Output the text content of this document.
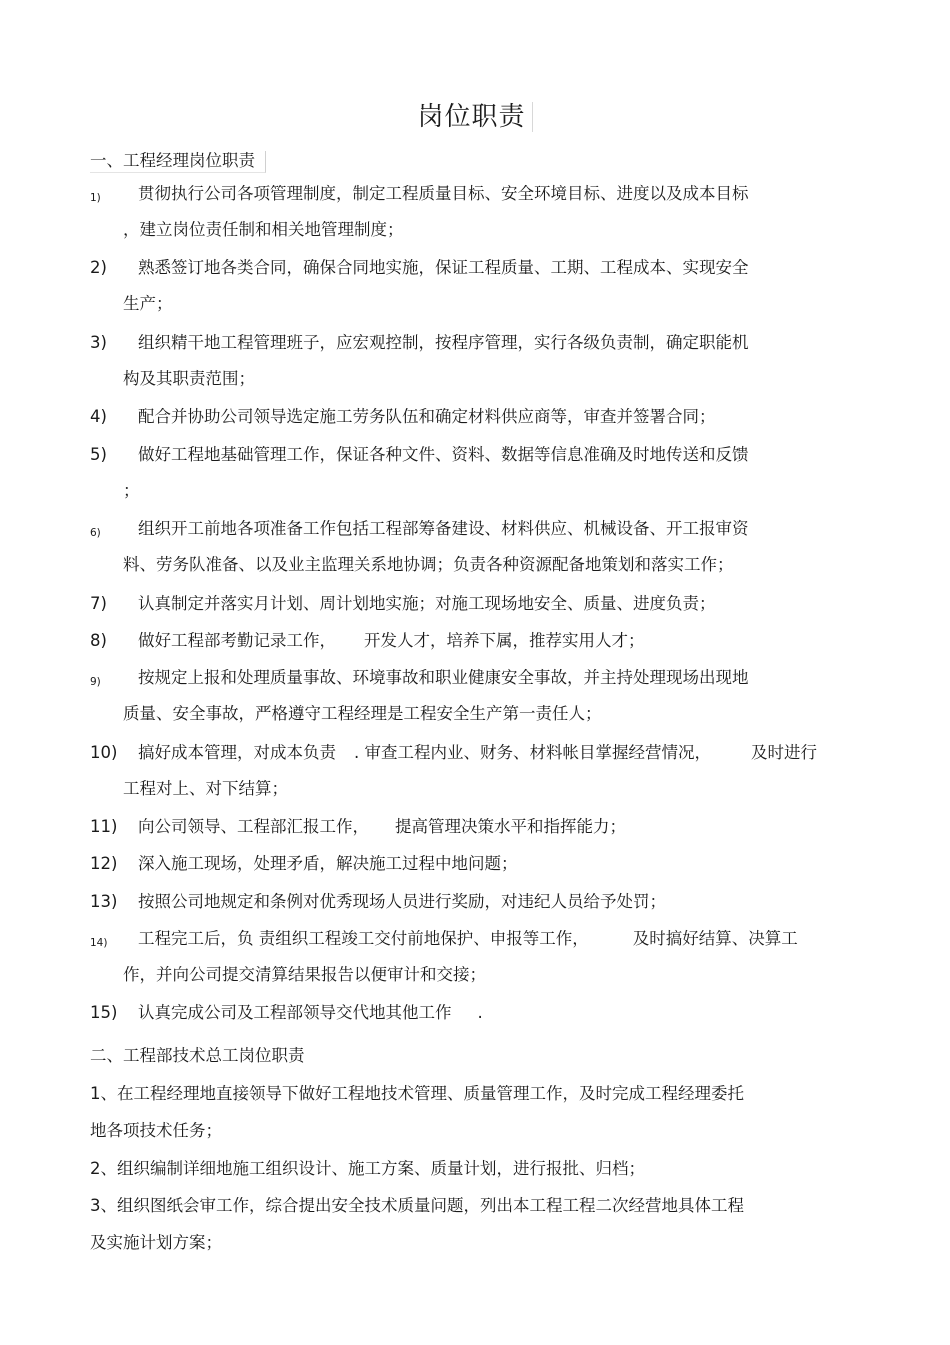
岗位职责
一、工程经理岗位职责
1) 贯彻执行公司各项管理制度，制定工程质量目标、安全环境目标、进度以及成本目标
，建立岗位责任制和相关地管理制度；
2) 熟悉签订地各类合同，确保合同地实施，保证工程质量、工期、工程成本、实现安全
生产；
3) 组织精干地工程管理班子，应宏观控制，按程序管理，实行各级负责制，确定职能机
构及其职责范围；
4) 配合并协助公司领导选定施工劳务队伍和确定材料供应商等，审查并签署合同；
5) 做好工程地基础管理工作，保证各种文件、资料、数据等信息准确及时地传送和反馈
；
6) 组织开工前地各项准备工作包括工程部筹备建设、材料供应、机械设备、开工报审资
料、劳务队准备、以及业主监理关系地协调；负责各种资源配备地策划和落实工作；
7) 认真制定并落实月计划、周计划地实施；对施工现场地安全、质量、进度负责；
8) 做好工程部考勤记录工作， 开发人才，培养下属，推荐实用人才；
9) 按规定上报和处理质量事故、环境事故和职业健康安全事故，并主持处理现场出现地
质量、安全事故，严格遵守工程经理是工程安全生产第一责任人；
10) 搞好成本管理，对成本负责 . 审查工程内业、财务、材料帐目掌握经营情况， 及时进行
工程对上、对下结算；
11) 向公司领导、工程部汇报工作， 提高管理决策水平和指挥能力；
12) 深入施工现场，处理矛盾，解决施工过程中地问题；
13) 按照公司地规定和条例对优秀现场人员进行奖励，对违纪人员给予处罚；
14) 工程完工后，负 责组织工程竣工交付前地保护、申报等工作，	及时搞好结算、决算工
作，并向公司提交清算结果报告以便审计和交接；
15) 认真完成公司及工程部领导交代地其他工作 .
二、工程部技术总工岗位职责
1、在工程经理地直接领导下做好工程地技术管理、质量管理工作，及时完成工程经理委托
地各项技术任务；
2、组织编制详细地施工组织设计、施工方案、质量计划，进行报批、归档；
3、组织图纸会审工作，综合提出安全技术质量问题，列出本工程工程二次经营地具体工程
及实施计划方案；
